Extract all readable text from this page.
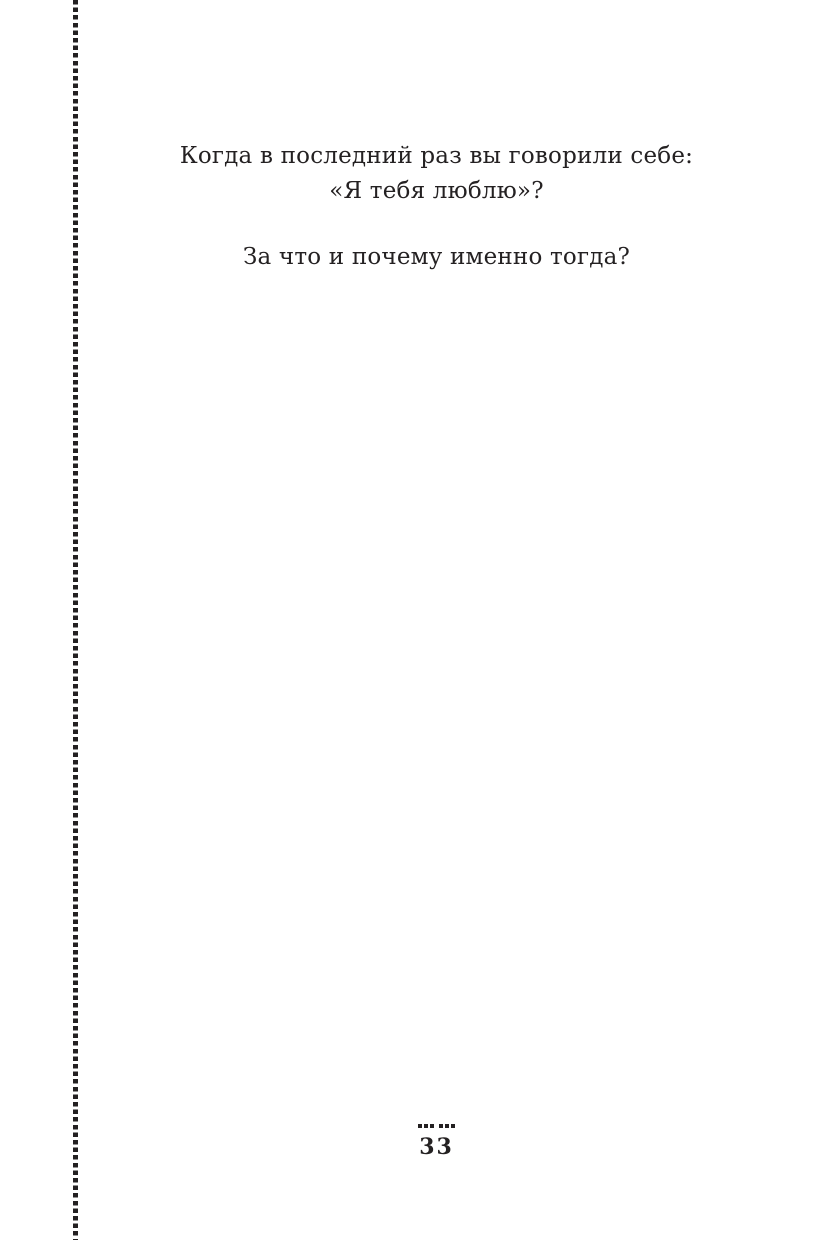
Когда в последний раз вы говорили себе:

«Я тебя люблю»?

За что и почему именно тогда?

33
